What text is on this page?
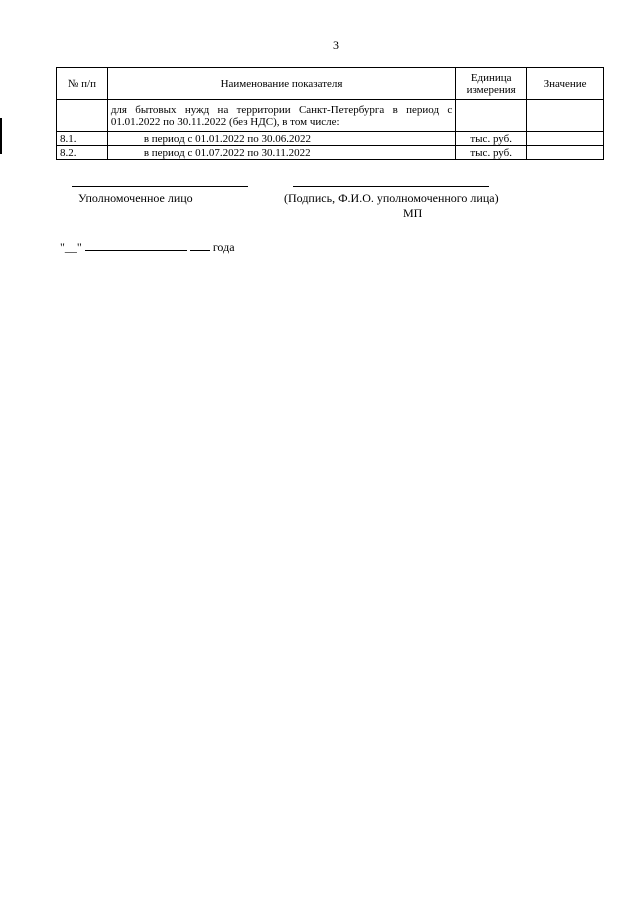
3
№ п/п	Наименование показателя	Единица измерения	Значение
	для бытовых нужд на территории Санкт-Петербурга в период с 01.01.2022 по 30.11.2022 (без НДС), в том числе:		
8.1.	в период с 01.01.2022 по 30.06.2022	тыс. руб.	
8.2.	в период с 01.07.2022 по 30.11.2022	тыс. руб.	
Уполномоченное лицо	(Подпись, Ф.И.О. уполномоченного лица)
МП
"__"	года
